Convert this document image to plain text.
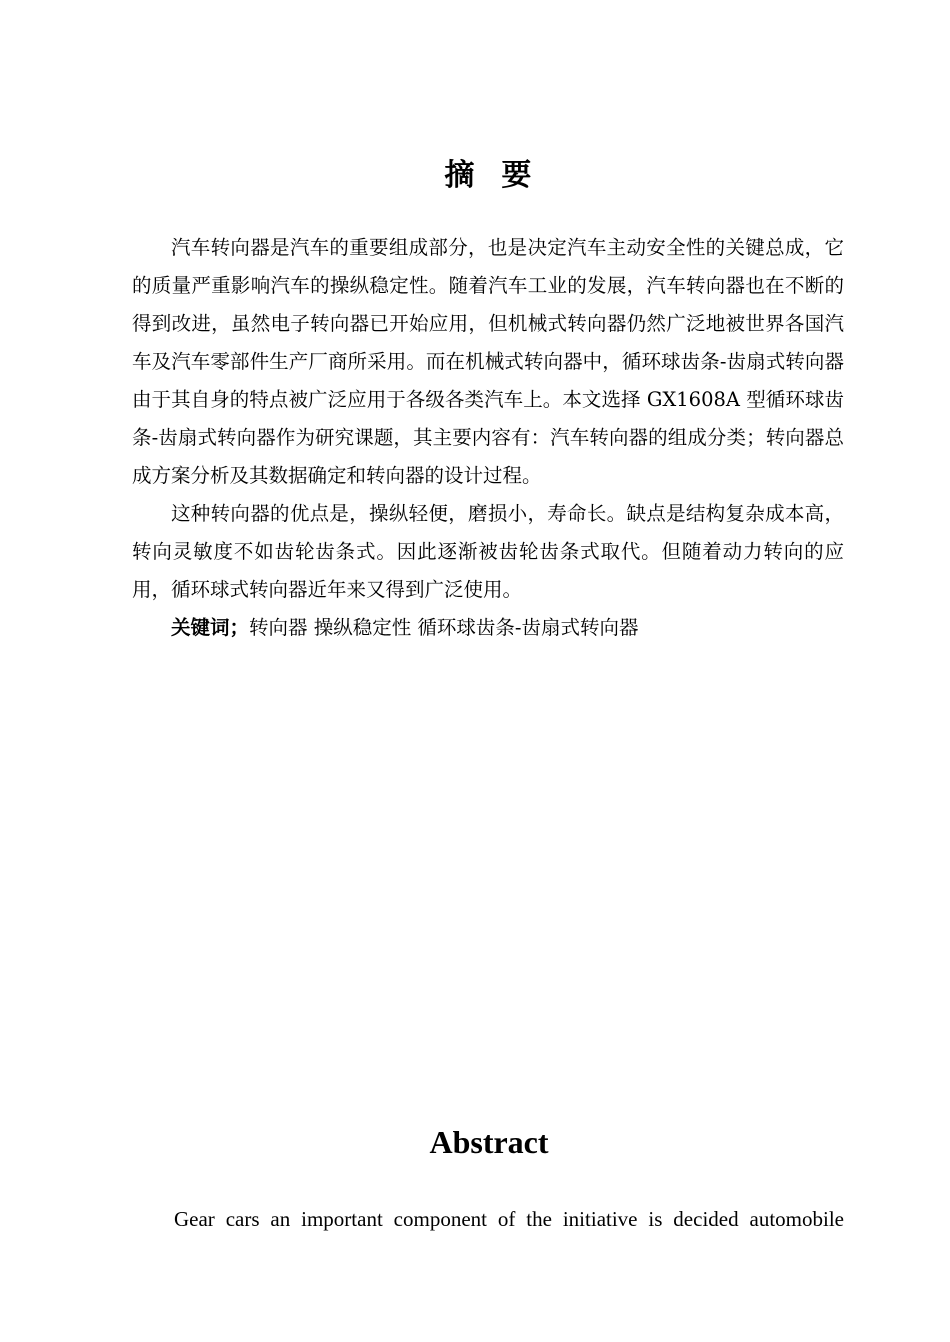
摘  要

汽车转向器是汽车的重要组成部分，也是决定汽车主动安全性的关键总成，它的质量严重影响汽车的操纵稳定性。随着汽车工业的发展，汽车转向器也在不断的得到改进，虽然电子转向器已开始应用，但机械式转向器仍然广泛地被世界各国汽车及汽车零部件生产厂商所采用。而在机械式转向器中，循环球齿条-齿扇式转向器由于其自身的特点被广泛应用于各级各类汽车上。本文选择 GX1608A 型循环球齿条-齿扇式转向器作为研究课题，其主要内容有：汽车转向器的组成分类；转向器总成方案分析及其数据确定和转向器的设计过程。

这种转向器的优点是，操纵轻便，磨损小，寿命长。缺点是结构复杂成本高，转向灵敏度不如齿轮齿条式。因此逐渐被齿轮齿条式取代。但随着动力转向的应用，循环球式转向器近年来又得到广泛使用。

关键词；转向器 操纵稳定性 循环球齿条-齿扇式转向器

Abstract

Gear cars an important component of the initiative is decided automobile
